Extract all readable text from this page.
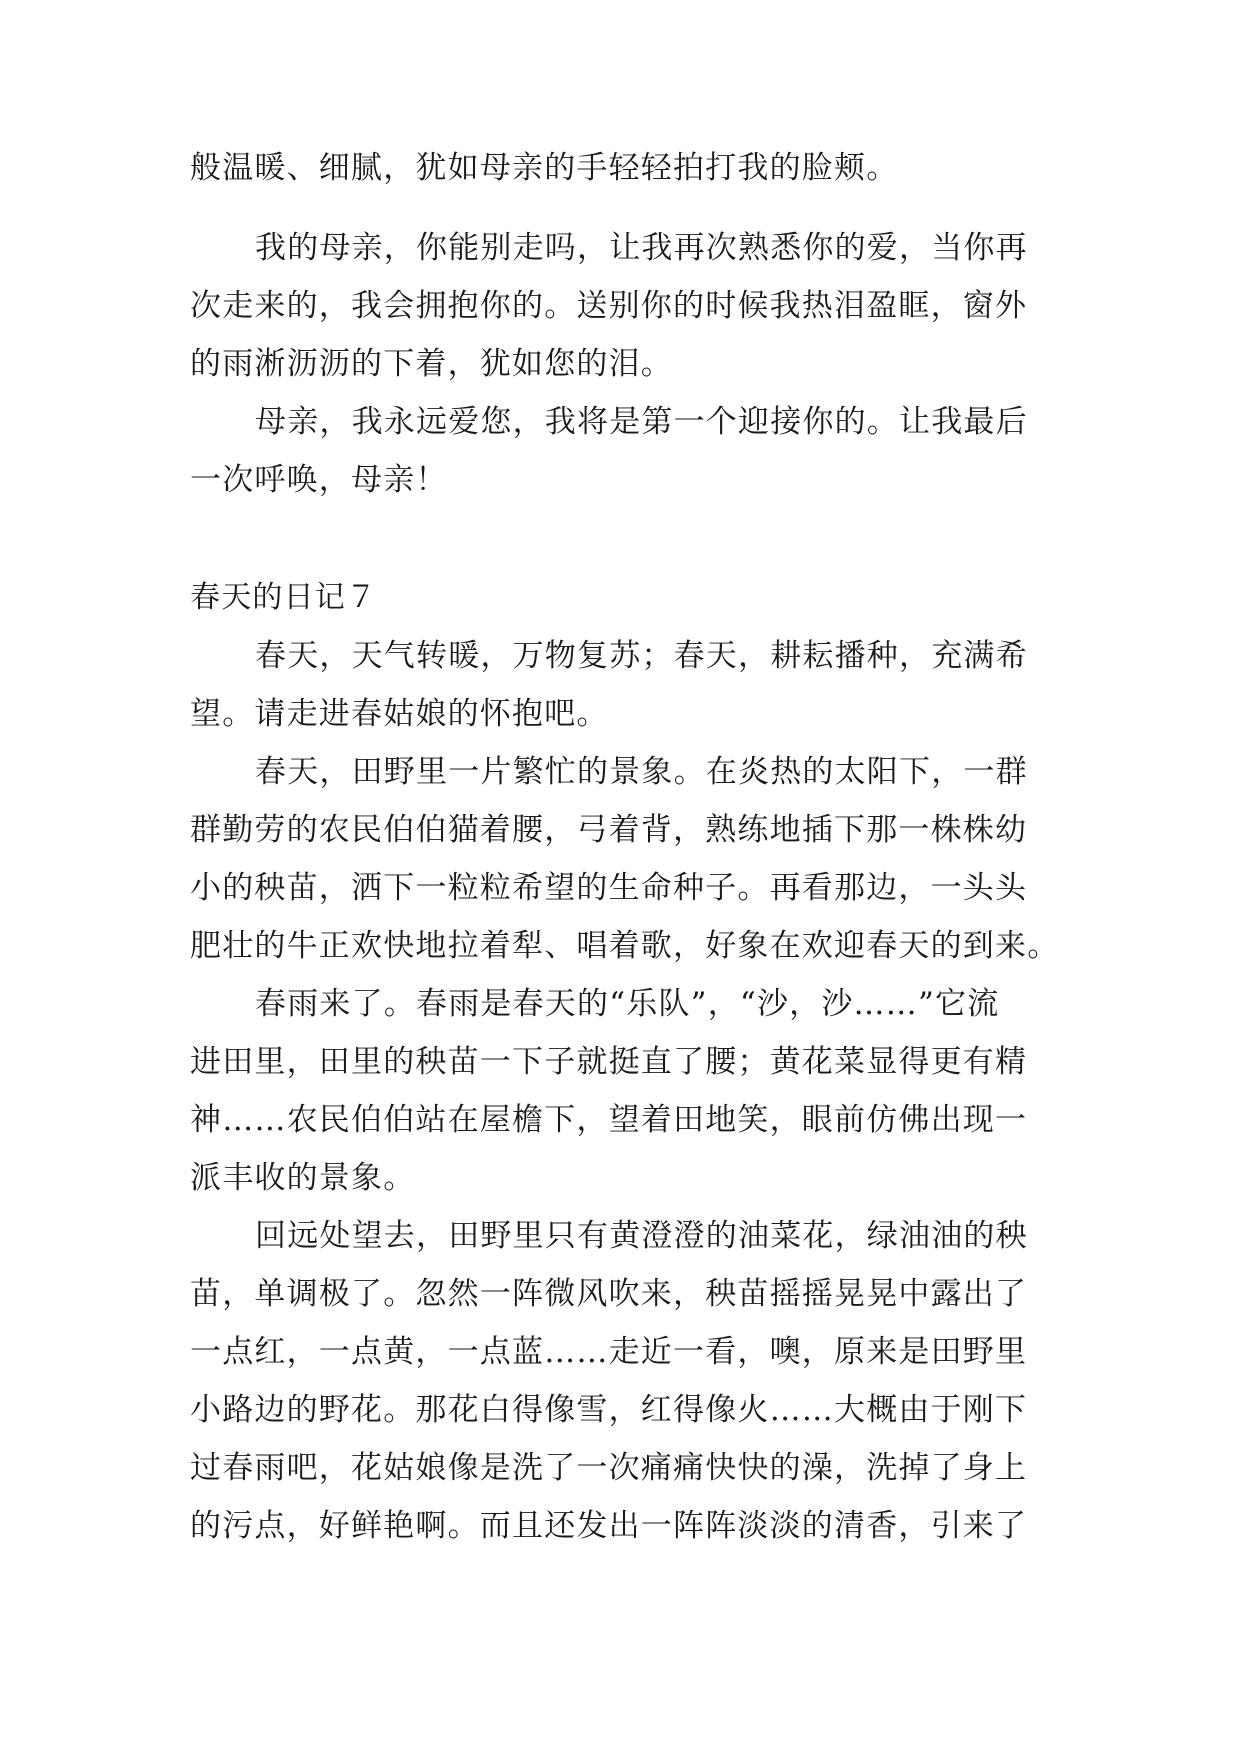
般温暖、细腻，犹如母亲的手轻轻拍打我的脸颊。
我的母亲，你能别走吗，让我再次熟悉你的爱，当你再
次走来的，我会拥抱你的。送别你的时候我热泪盈眶，窗外
的雨淅沥沥的下着，犹如您的泪。
母亲，我永远爱您，我将是第一个迎接你的。让我最后
一次呼唤，母亲！
春天的日记７
春天，天气转暖，万物复苏；春天，耕耘播种，充满希
望。请走进春姑娘的怀抱吧。
春天，田野里一片繁忙的景象。在炎热的太阳下，一群
群勤劳的农民伯伯猫着腰，弓着背，熟练地插下那一株株幼
小的秧苗，洒下一粒粒希望的生命种子。再看那边，一头头
肥壮的牛正欢快地拉着犁、唱着歌，好象在欢迎春天的到来。
春雨来了。春雨是春天的“乐队”，“沙，沙……”它流
进田里，田里的秧苗一下子就挺直了腰；黄花菜显得更有精
神……农民伯伯站在屋檐下，望着田地笑，眼前仿佛出现一
派丰收的景象。
回远处望去，田野里只有黄澄澄的油菜花，绿油油的秧
苗，单调极了。忽然一阵微风吹来，秧苗摇摇晃晃中露出了
一点红，一点黄，一点蓝……走近一看，噢，原来是田野里
小路边的野花。那花白得像雪，红得像火……大概由于刚下
过春雨吧，花姑娘像是洗了一次痛痛快快的澡，洗掉了身上
的污点，好鲜艳啊。而且还发出一阵阵淡淡的清香，引来了
